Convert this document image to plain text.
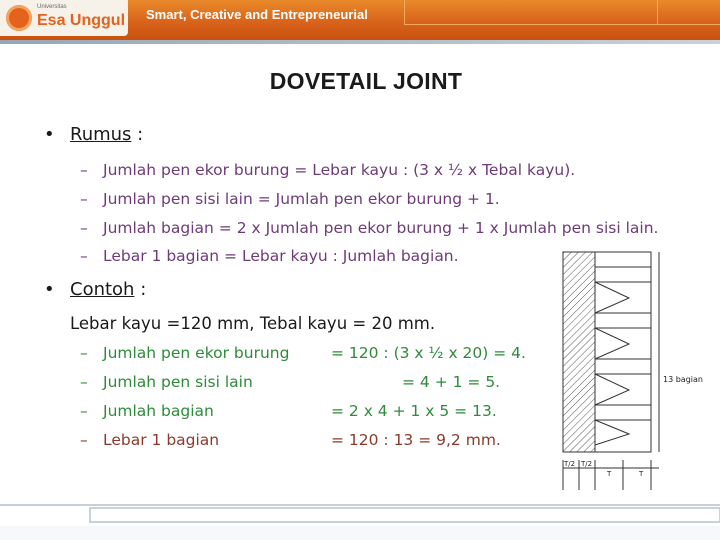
Universitas
Esa Unggul Smart, Creative and Entrepreneurial
DOVETAIL JOINT
• Rumus :
– Jumlah pen ekor burung = Lebar kayu : (3 x ½ x Tebal kayu).
– Jumlah pen sisi lain = Jumlah pen ekor burung + 1.
– Jumlah bagian = 2 x Jumlah pen ekor burung + 1 x Jumlah pen sisi lain.
– Lebar 1 bagian = Lebar kayu : Jumlah bagian.
• Contoh :
Lebar kayu =120 mm, Tebal kayu = 20 mm.
– Jumlah pen ekor burung	= 120 : (3 x ½ x 20) = 4.
– Jumlah pen sisi lain	= 4 + 1 = 5.
– Jumlah bagian	= 2 x 4 + 1 x 5 = 13.
– Lebar 1 bagian	= 120 : 13 = 9,2 mm.
13 bagian
T/2 T/2
T	T
